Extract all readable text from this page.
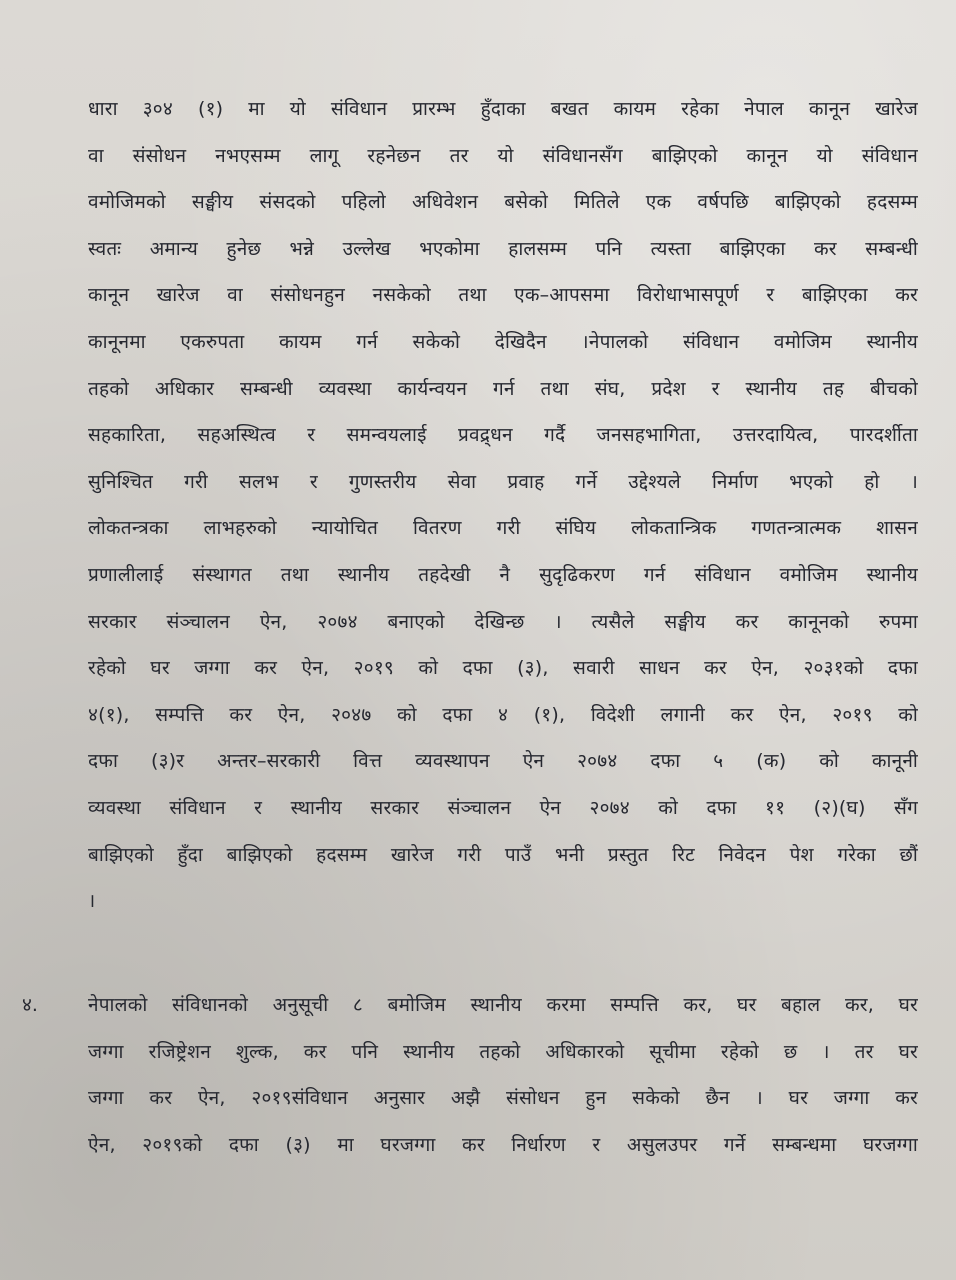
धारा ३०४ (१) मा यो संविधान प्रारम्भ हुँदाका बखत कायम रहेका नेपाल कानून खारेज
वा संसोधन नभएसम्म लागू रहनेछन तर यो संविधानसँग बाझिएको कानून यो संविधान
वमोजिमको सङ्घीय संसदको पहिलो अधिवेशन बसेको मितिले एक वर्षपछि बाझिएको हदसम्म
स्वतः अमान्य हुनेछ भन्ने उल्लेख भएकोमा हालसम्म पनि त्यस्ता बाझिएका कर सम्बन्धी
कानून खारेज वा संसोधनहुन नसकेको तथा एक–आपसमा विरोधाभासपूर्ण र बाझिएका कर
कानूनमा एकरुपता कायम गर्न सकेको देखिदैन ।नेपालको संविधान वमोजिम स्थानीय
तहको अधिकार सम्बन्धी व्यवस्था कार्यन्वयन गर्न तथा संघ, प्रदेश र स्थानीय तह बीचको
सहकारिता, सहअस्थित्व र समन्वयलाई प्रवद्र्धन गर्दै जनसहभागिता, उत्तरदायित्व, पारदर्शीता
सुनिश्चित गरी सलभ र गुणस्तरीय सेवा प्रवाह गर्ने उद्देश्यले निर्माण भएको हो ।
लोकतन्त्रका लाभहरुको न्यायोचित वितरण गरी संघिय लोकतान्त्रिक गणतन्त्रात्मक शासन
प्रणालीलाई संस्थागत तथा स्थानीय तहदेखी नै सुदृढिकरण गर्न संविधान वमोजिम स्थानीय
सरकार संञ्चालन ऐन, २०७४ बनाएको देखिन्छ । त्यसैले सङ्घीय कर कानूनको रुपमा
रहेको घर जग्गा कर ऐन, २०१९ को दफा (३), सवारी साधन कर ऐन, २०३१को दफा
४(१), सम्पत्ति कर ऐन, २०४७ को दफा ४ (१), विदेशी लगानी कर ऐन, २०१९ को
दफा (३)र अन्तर–सरकारी वित्त व्यवस्थापन ऐन २०७४ दफा ५ (क) को कानूनी
व्यवस्था संविधान र स्थानीय सरकार संञ्चालन ऐन २०७४ को दफा ११ (२)(घ) सँग
बाझिएको हुँदा बाझिएको हदसम्म खारेज गरी पाउँ भनी प्रस्तुत रिट निवेदन पेश गरेका छौं
।
४.	नेपालको संविधानको अनुसूची ८ बमोजिम स्थानीय करमा सम्पत्ति कर, घर बहाल कर, घर
जग्गा रजिष्ट्रेशन शुल्क, कर पनि स्थानीय तहको अधिकारको सूचीमा रहेको छ । तर घर
जग्गा कर ऐन, २०१९संविधान अनुसार अझै संसोधन हुन सकेको छैन । घर जग्गा कर
ऐन, २०१९को दफा (३) मा घरजग्गा कर निर्धारण र असुलउपर गर्ने सम्बन्धमा घरजग्गा
